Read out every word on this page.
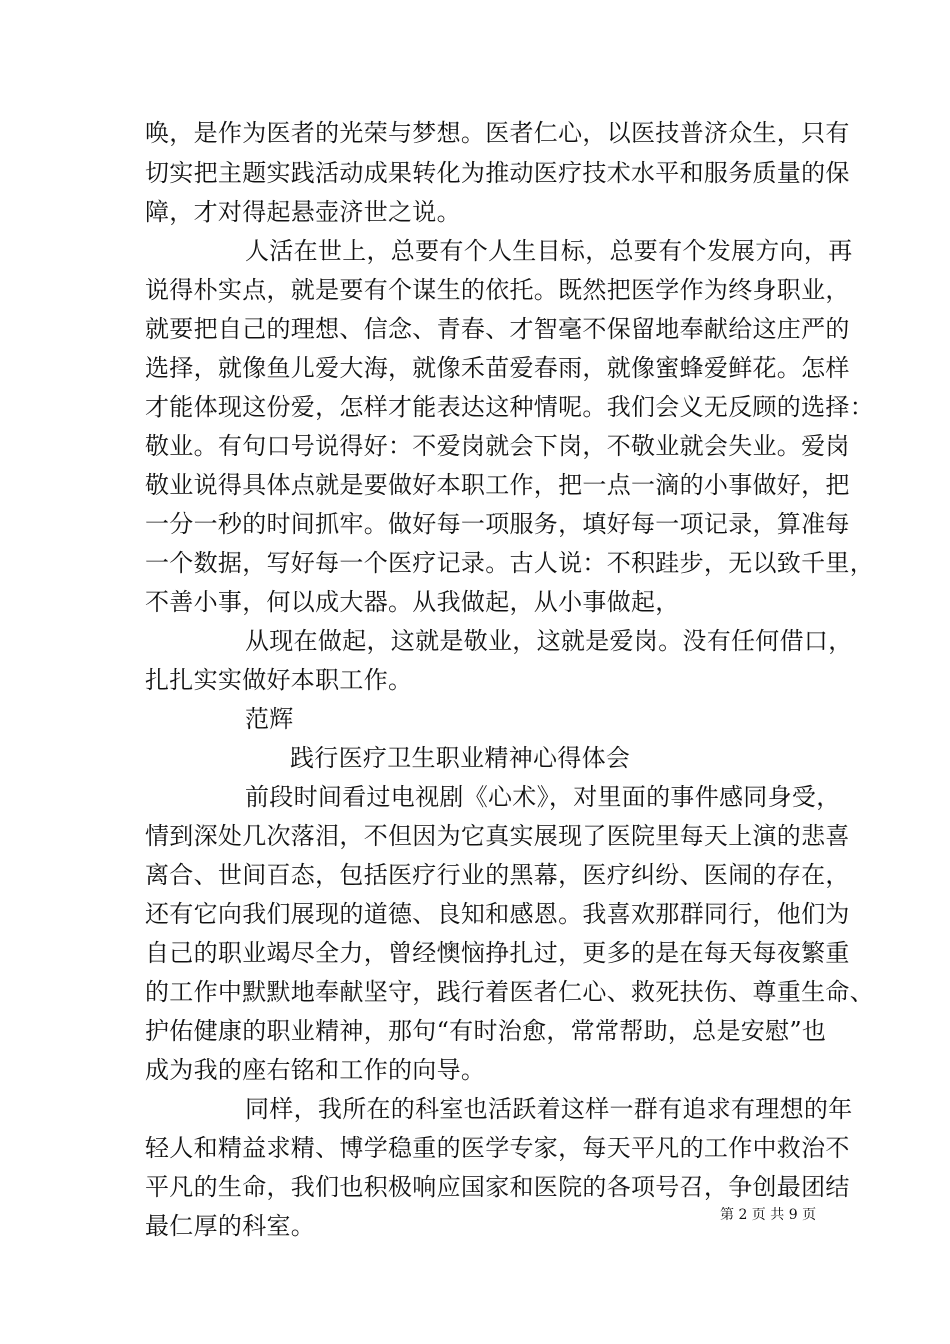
唤，是作为医者的光荣与梦想。医者仁心，以医技普济众生，只有
切实把主题实践活动成果转化为推动医疗技术水平和服务质量的保
障，才对得起悬壶济世之说。
人活在世上，总要有个人生目标，总要有个发展方向，再
说得朴实点，就是要有个谋生的依托。既然把医学作为终身职业，
就要把自己的理想、信念、青春、才智毫不保留地奉献给这庄严的
选择，就像鱼儿爱大海，就像禾苗爱春雨，就像蜜蜂爱鲜花。怎样
才能体现这份爱，怎样才能表达这种情呢。我们会义无反顾的选择：
敬业。有句口号说得好：不爱岗就会下岗，不敬业就会失业。爱岗
敬业说得具体点就是要做好本职工作，把一点一滴的小事做好，把
一分一秒的时间抓牢。做好每一项服务，填好每一项记录，算准每
一个数据，写好每一个医疗记录。古人说：不积跬步，无以致千里，
不善小事，何以成大器。从我做起，从小事做起，
从现在做起，这就是敬业，这就是爱岗。没有任何借口，
扎扎实实做好本职工作。
范辉
践行医疗卫生职业精神心得体会
前段时间看过电视剧《心术》，对里面的事件感同身受，
情到深处几次落泪，不但因为它真实展现了医院里每天上演的悲喜
离合、世间百态，包括医疗行业的黑幕，医疗纠纷、医闹的存在，
还有它向我们展现的道德、良知和感恩。我喜欢那群同行，他们为
自己的职业竭尽全力，曾经懊恼挣扎过，更多的是在每天每夜繁重
的工作中默默地奉献坚守，践行着医者仁心、救死扶伤、尊重生命、
护佑健康的职业精神，那句“有时治愈，常常帮助，总是安慰”也
成为我的座右铭和工作的向导。
同样，我所在的科室也活跃着这样一群有追求有理想的年
轻人和精益求精、博学稳重的医学专家，每天平凡的工作中救治不
平凡的生命，我们也积极响应国家和医院的各项号召，争创最团结
最仁厚的科室。	第 2 页 共 9 页
